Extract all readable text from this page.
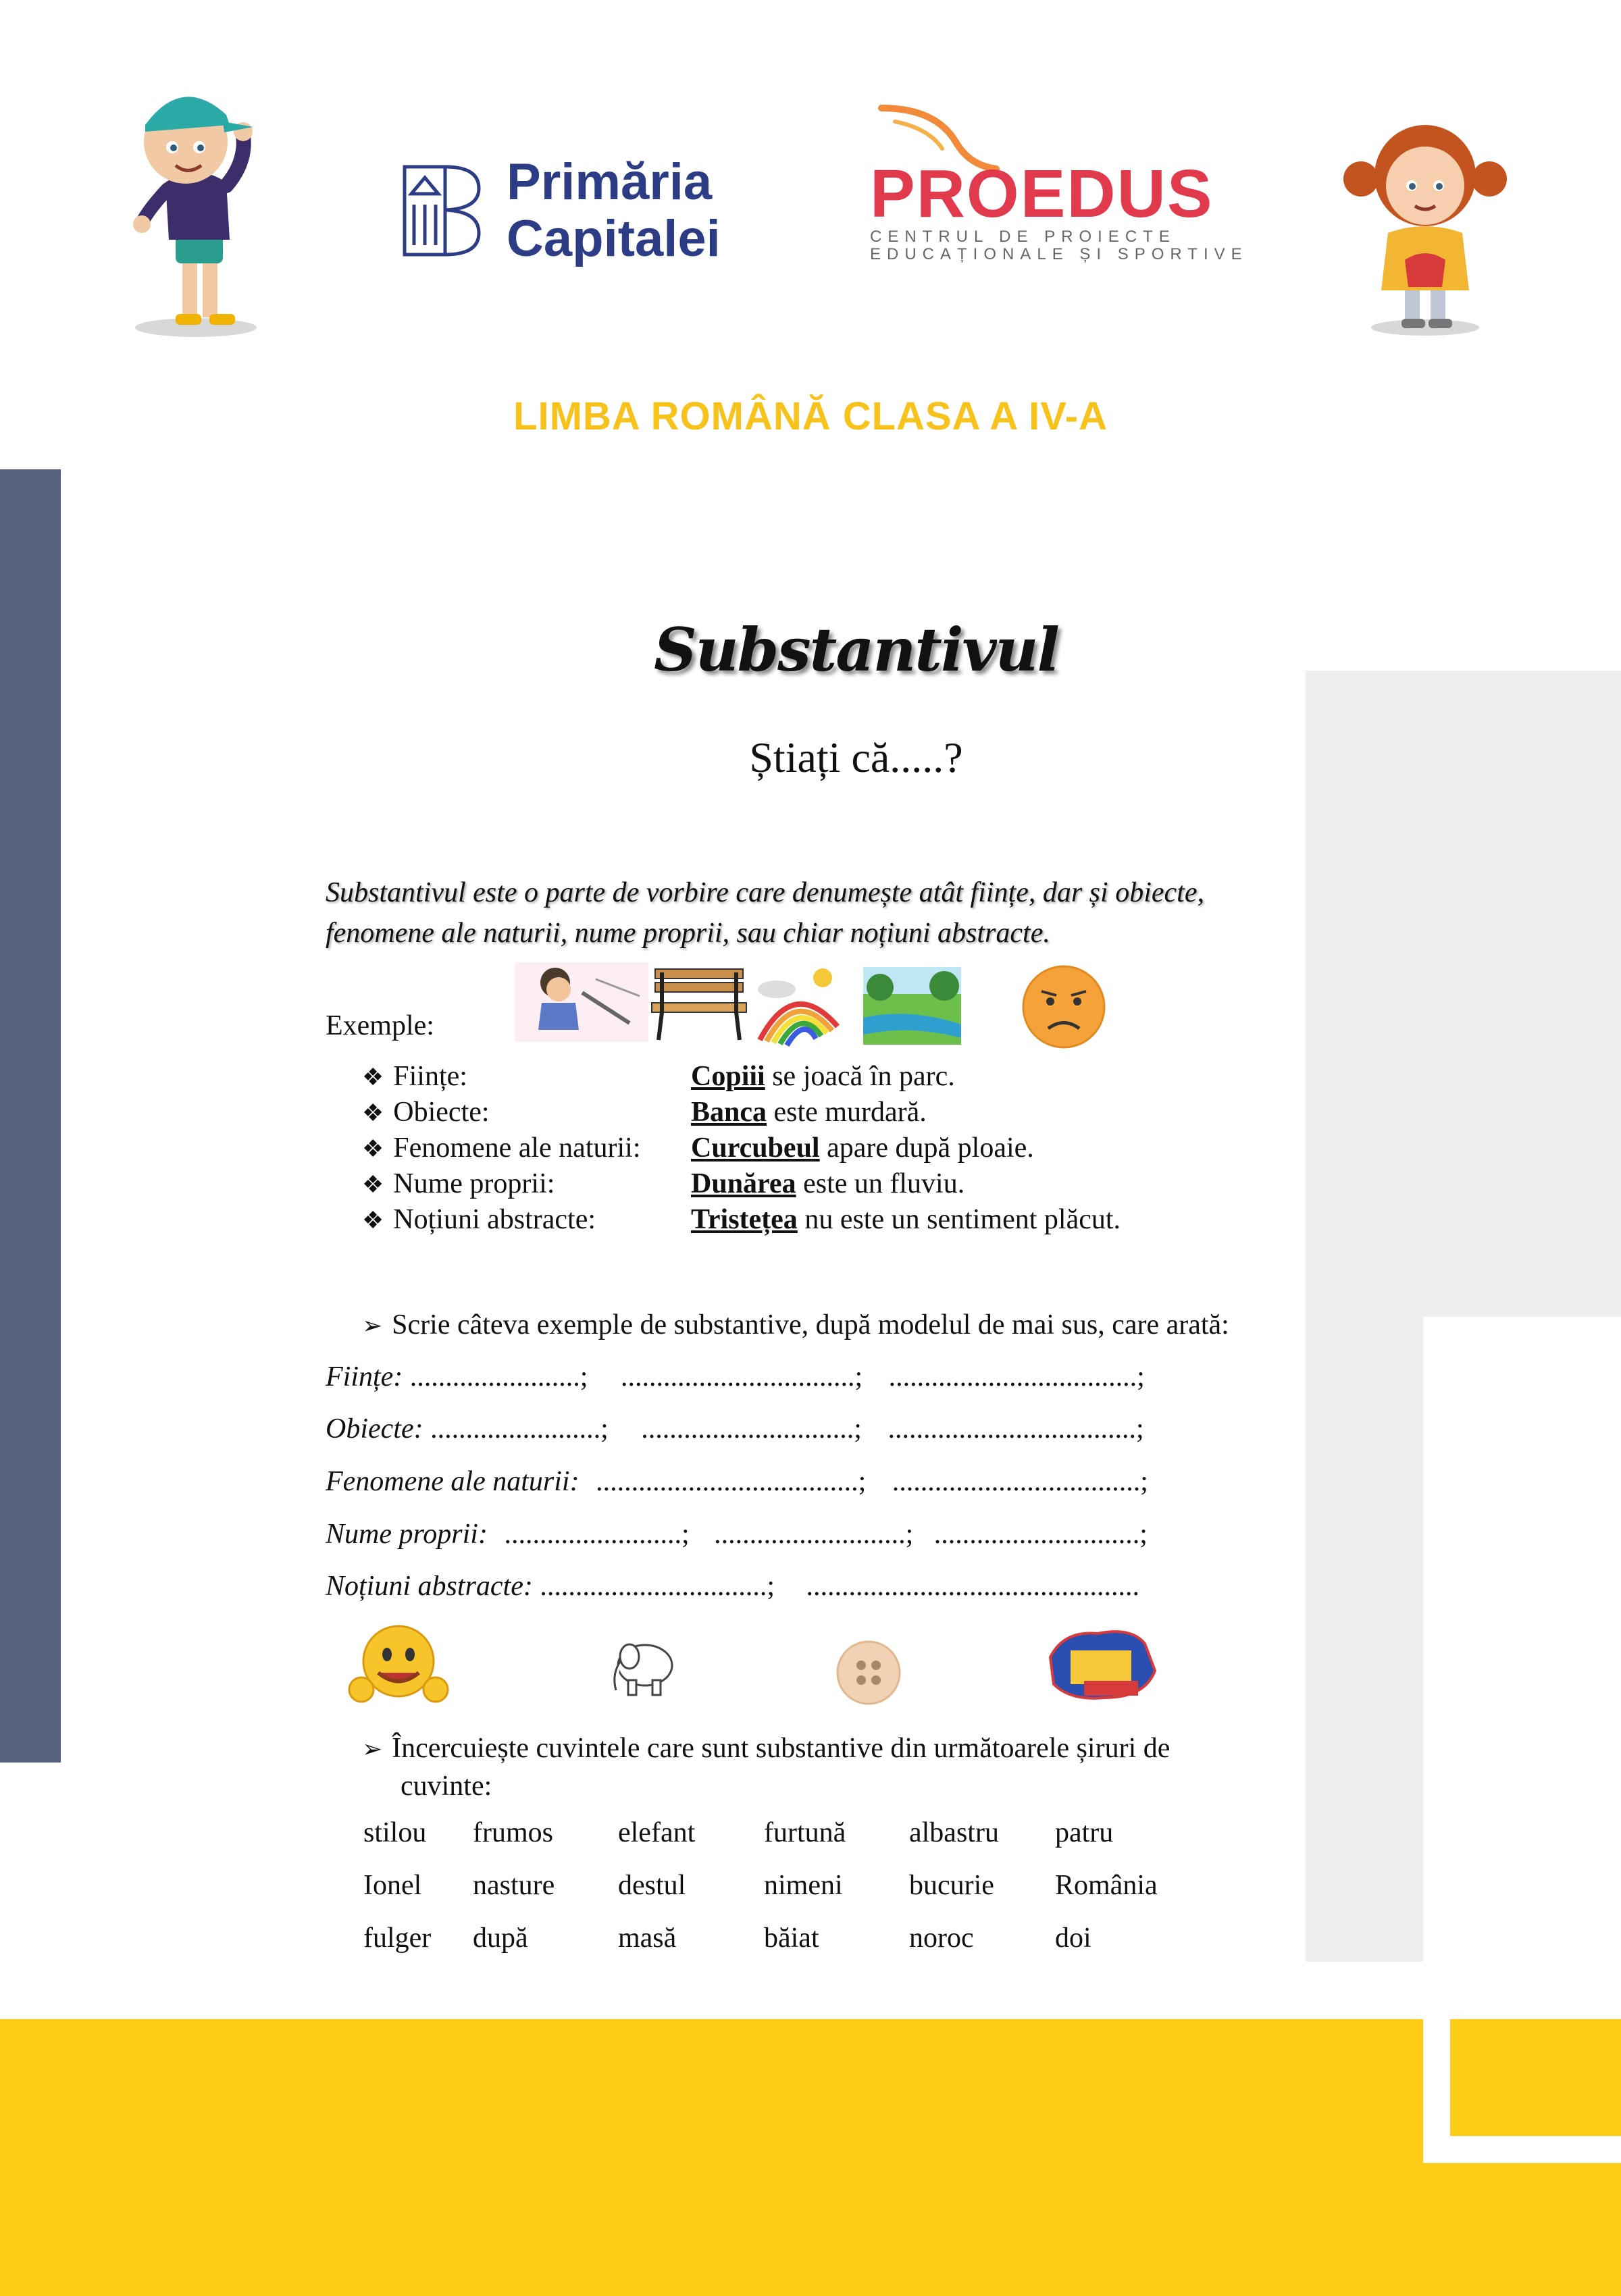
Primăria
Capitalei
PROEDUS
CENTRUL DE PROIECTE
EDUCAȚIONALE ȘI SPORTIVE
LIMBA ROMÂNĂ CLASA A IV-A
Substantivul
Știați că.....?
Substantivul este o parte de vorbire care denumește atât ființe, dar și obiecte, fenomene ale naturii, nume proprii, sau chiar noțiuni abstracte.
Exemple:
❖ Ființe:	Copiii se joacă în parc.
❖ Obiecte:	Banca este murdară.
❖ Fenomene ale naturii: Curcubeul apare după ploaie.
❖ Nume proprii:	Dunărea este un fluviu.
❖ Noțiuni abstracte:	Tristețea nu este un sentiment plăcut.
➢ Scrie câteva exemple de substantive, după modelul de mai sus, care arată:
Ființe: ........................; .................................; ...................................;
Obiecte: ........................; ..............................; ...................................;
Fenomene ale naturii: .....................................; ...................................;
Nume proprii: .........................; ...........................; .............................;
Noțiuni abstracte: ................................; ...............................................
➢ Încercuiește cuvintele care sunt substantive din următoarele șiruri de
cuvinte:
stilou frumos elefant furtună albastru patru
Ionel nasture destul	nimeni bucurie România
fulger după	masă	băiat	noroc	doi
